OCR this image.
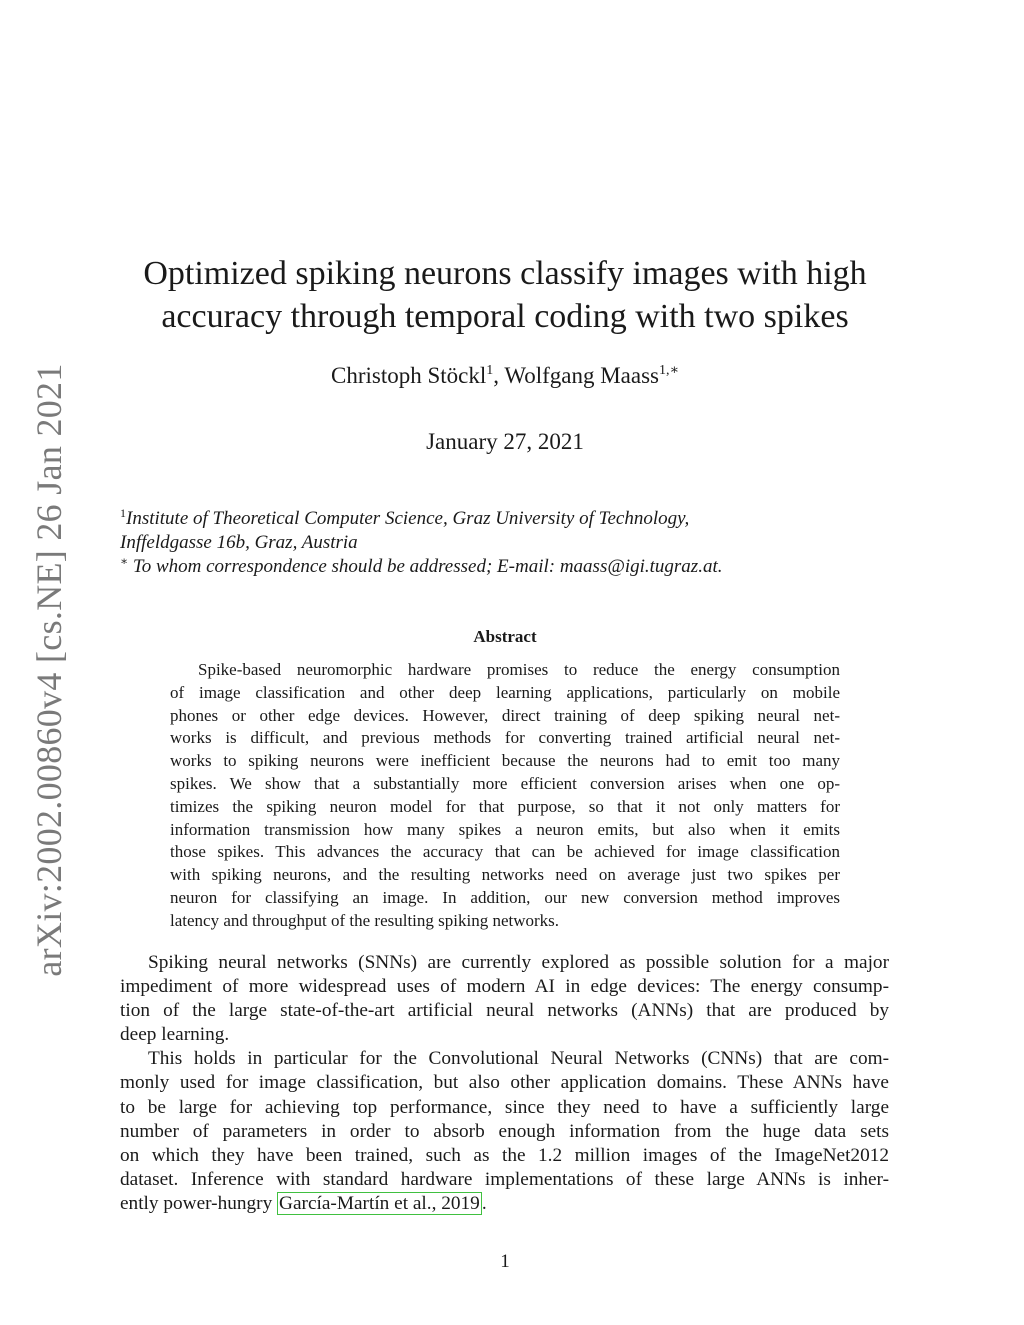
arXiv:2002.00860v4 [cs.NE] 26 Jan 2021
Optimized spiking neurons classify images with high
accuracy through temporal coding with two spikes
Christoph Stöckl$^1$, Wolfgang Maass$^{1,∗}$
January 27, 2021
$^1$Institute of Theoretical Computer Science, Graz University of Technology,
Inffeldgasse 16b, Graz, Austria
∗ To whom correspondence should be addressed; E-mail: maass@igi.tugraz.at.
Abstract
Spike-based neuromorphic hardware promises to reduce the energy consumption
of image classification and other deep learning applications, particularly on mobile
phones or other edge devices. However, direct training of deep spiking neural net-
works is difficult, and previous methods for converting trained artificial neural net-
works to spiking neurons were inefficient because the neurons had to emit too many
spikes. We show that a substantially more efficient conversion arises when one op-
timizes the spiking neuron model for that purpose, so that it not only matters for
information transmission how many spikes a neuron emits, but also when it emits
those spikes. This advances the accuracy that can be achieved for image classification
with spiking neurons, and the resulting networks need on average just two spikes per
neuron for classifying an image. In addition, our new conversion method improves
latency and throughput of the resulting spiking networks.
Spiking neural networks (SNNs) are currently explored as possible solution for a major
impediment of more widespread uses of modern AI in edge devices: The energy consump-
tion of the large state-of-the-art artificial neural networks (ANNs) that are produced by
deep learning.
This holds in particular for the Convolutional Neural Networks (CNNs) that are com-
monly used for image classification, but also other application domains. These ANNs have
to be large for achieving top performance, since they need to have a sufficiently large
number of parameters in order to absorb enough information from the huge data sets
on which they have been trained, such as the 1.2 million images of the ImageNet2012
dataset. Inference with standard hardware implementations of these large ANNs is inher-
ently power-hungry García-Martín et al., 2019 .
1
